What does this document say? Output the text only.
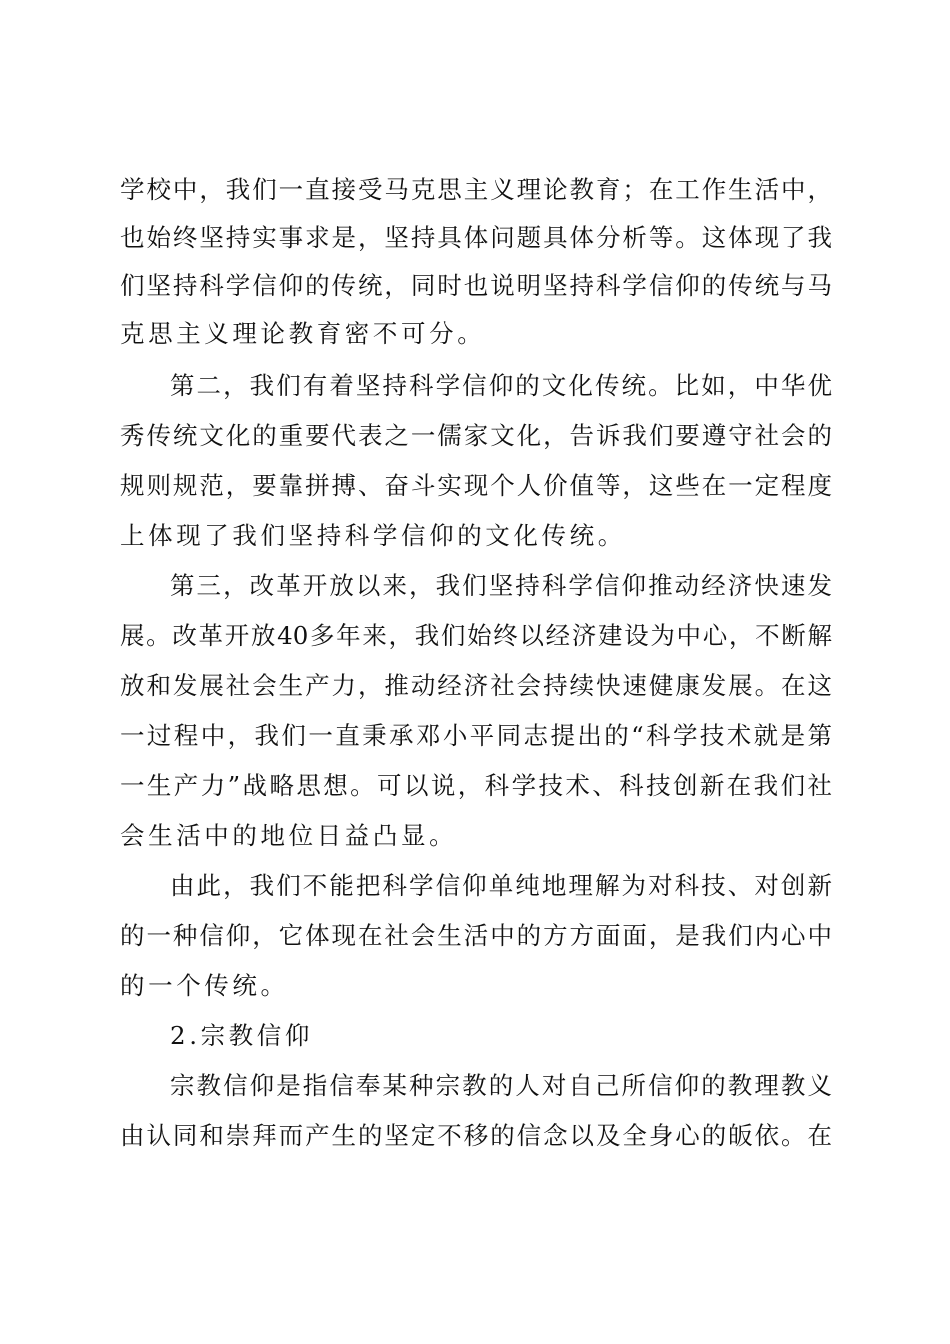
学校中，我们一直接受马克思主义理论教育；在工作生活中，
也始终坚持实事求是，坚持具体问题具体分析等。这体现了我
们坚持科学信仰的传统，同时也说明坚持科学信仰的传统与马
克思主义理论教育密不可分。
第二，我们有着坚持科学信仰的文化传统。比如，中华优
秀传统文化的重要代表之一儒家文化，告诉我们要遵守社会的
规则规范，要靠拼搏、奋斗实现个人价值等，这些在一定程度
上体现了我们坚持科学信仰的文化传统。
第三，改革开放以来，我们坚持科学信仰推动经济快速发
展。改革开放40多年来，我们始终以经济建设为中心，不断解
放和发展社会生产力，推动经济社会持续快速健康发展。在这
一过程中，我们一直秉承邓小平同志提出的“科学技术就是第
一生产力”战略思想。可以说，科学技术、科技创新在我们社
会生活中的地位日益凸显。
由此，我们不能把科学信仰单纯地理解为对科技、对创新
的一种信仰，它体现在社会生活中的方方面面，是我们内心中
的一个传统。
2.宗教信仰
宗教信仰是指信奉某种宗教的人对自己所信仰的教理教义
由认同和崇拜而产生的坚定不移的信念以及全身心的皈依。在
